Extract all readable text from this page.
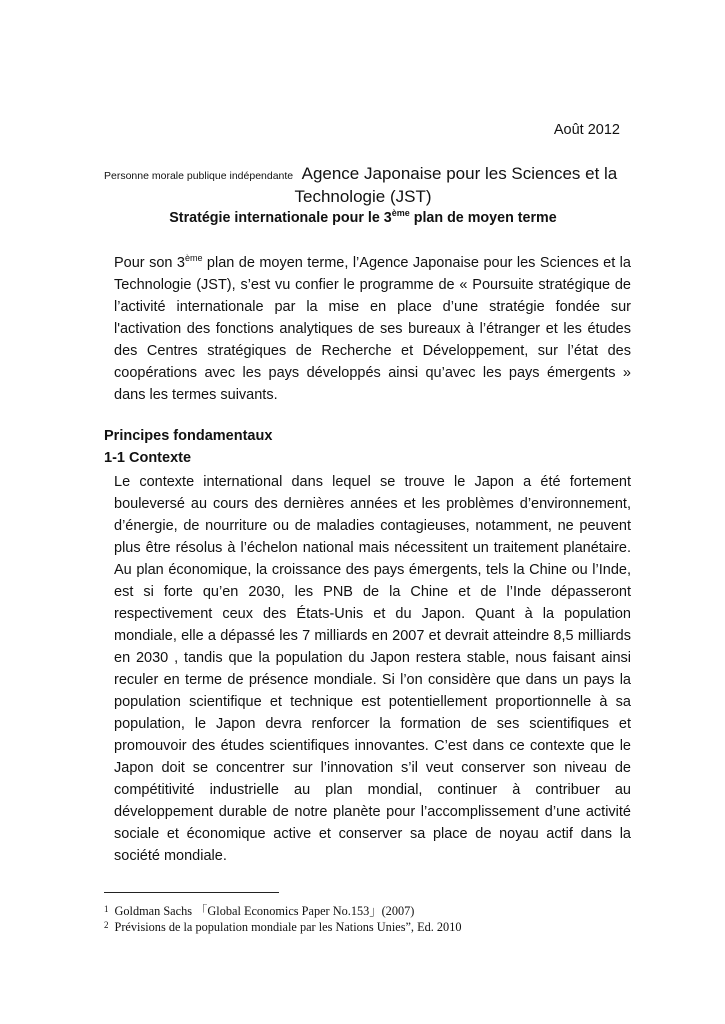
Août 2012
Personne morale publique indépendante Agence Japonaise pour les Sciences et la
Technologie (JST)
Stratégie internationale pour le 3ème plan de moyen terme

Pour son 3ème plan de moyen terme, l’Agence Japonaise pour les Sciences et la Technologie (JST), s’est vu confier le programme de « Poursuite stratégique de l’activité internationale par la mise en place d’une stratégie fondée sur l'activation des fonctions analytiques de ses bureaux à l’étranger et les études des Centres stratégiques de Recherche et Développement, sur l’état des coopérations avec les pays développés ainsi qu’avec les pays émergents » dans les termes suivants.

Principes fondamentaux
1-1 Contexte

Le contexte international dans lequel se trouve le Japon a été fortement bouleversé au cours des dernières années et les problèmes d’environnement, d’énergie, de nourriture ou de maladies contagieuses, notamment, ne peuvent plus être résolus à l’échelon national mais nécessitent un traitement planétaire. Au plan économique, la croissance des pays émergents, tels la Chine ou l’Inde, est si forte qu’en 2030, les PNB de la Chine et de l’Inde dépasseront respectivement ceux des États-Unis et du Japon. Quant à la population mondiale, elle a dépassé les 7 milliards en 2007 et devrait atteindre 8,5 milliards en 2030 , tandis que la population du Japon restera stable, nous faisant ainsi reculer en terme de présence mondiale. Si l’on considère que dans un pays la population scientifique et technique est potentiellement proportionnelle à sa population, le Japon devra renforcer la formation de ses scientifiques et promouvoir des études scientifiques innovantes. C’est dans ce contexte que le Japon doit se concentrer sur l’innovation s’il veut conserver son niveau de compétitivité industrielle au plan mondial, continuer à contribuer au développement durable de notre planète pour l’accomplissement d’une activité sociale et économique active et conserver sa place de noyau actif dans la société mondiale.

$^1$ Goldman Sachs 「Global Economics Paper No.153」(2007)
$^2$ Prévisions de la population mondiale par les Nations Unies”, Ed. 2010
